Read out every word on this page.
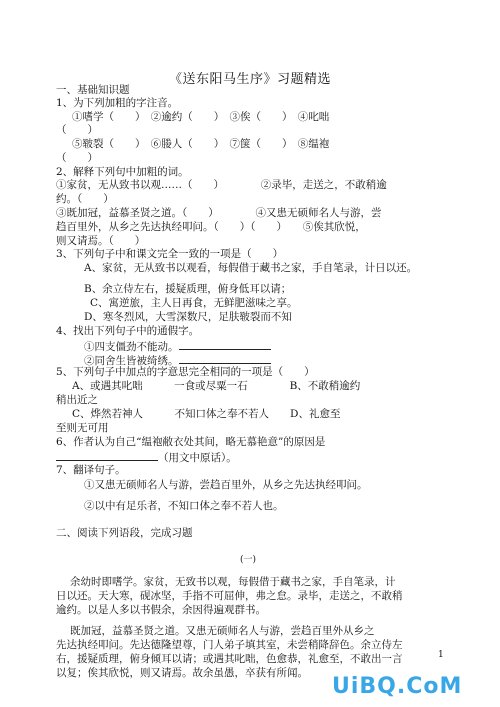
《送东阳马生序》习题精选
一、基础知识题
1、为下列加粗的字注音。
①嗜学（　　）　②逾约（　　）　③俟（　　）　④叱咄
（　　）
⑤皲裂（　　）　⑥媵人（　　）　⑦箧（　　）　⑧缊袍
（　　）
2、解释下列句中加粗的词。
①家贫，无从致书以观……（　　）　　　　②录毕，走送之，不敢稍逾
约。（　　）
③既加冠，益慕圣贤之道。（　　）　　　　④又患无硕师名人与游，尝
趋百里外，从乡之先达执经叩问。（　　）（　　）　　⑤俟其欣悦，
则又请焉。（　　）
3、下列句子中和课文完全一致的一项是（　　）
A、家贫，无从致书以观看，每假借于藏书之家，手自笔录，计日以还。
B、余立侍左右，援疑质理，俯身低耳以请；
C、寓逆旅，主人日再食，无鲜肥滋味之享。
D、寒冬烈风，大雪深数尺，足肤皲裂而不知
4、找出下列句子中的通假字。
①四支僵劲不能动。
②同舍生皆被绮绣。
5、下列句子中加点的字意思完全相同的一项是（　　）
A、或遇其叱咄　　　一食或尽粟一石　　　　B、不敢稍逾约
稍出近之
C、烨然若神人　　　不知口体之奉不若人　　D、礼愈至
至则无可用
6、作者认为自己“缊袍敝衣处其间，略无慕艳意”的原因是
（用文中原话）。
7、翻译句子。
①又患无硕师名人与游，尝趋百里外，从乡之先达执经叩问。
②以中有足乐者，不知口体之奉不若人也。
二、阅读下列语段，完成习题
(一)
余幼时即嗜学。家贫，无致书以观，每假借于藏书之家，手自笔录，计
日以还。天大寒，砚冰坚，手指不可屈伸，弗之怠。录毕，走送之，不敢稍
逾约。以是人多以书假余，余因得遍观群书。
既加冠，益慕圣贤之道。又患无硕师名人与游，尝趋百里外从乡之
先达执经叩问。先达德隆望尊，门人弟子填其室，未尝稍降辞色。余立侍左
右，援疑质理，俯身倾耳以请；或遇其叱咄，色愈恭，礼愈至，不敢出一言
以复；俟其欣悦，则又请焉。故余虽愚，卒获有所闻。
1
UiBQ.CoM
